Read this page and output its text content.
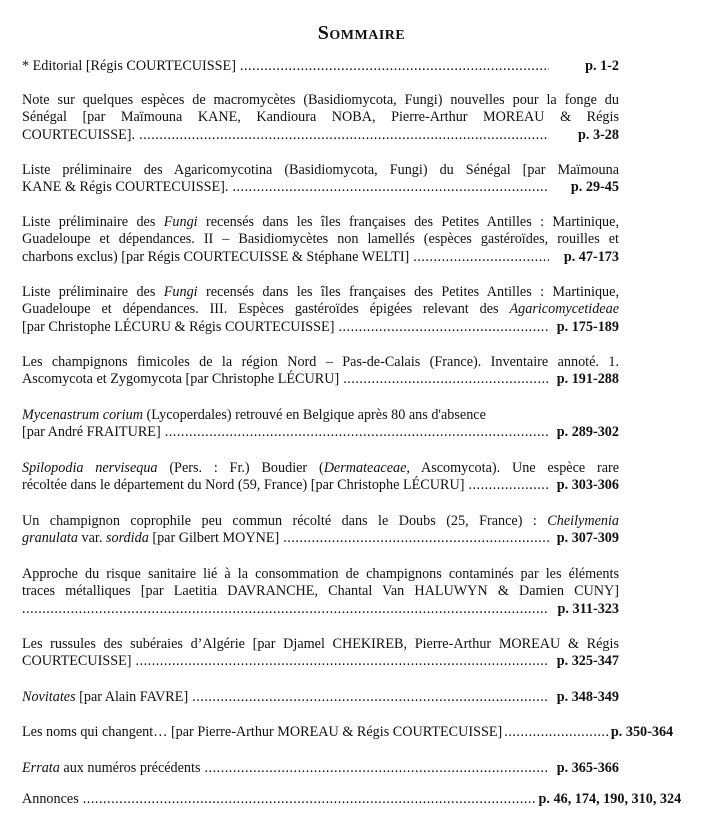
Sommaire
* Editorial [Régis COURTECUISSE] .....	p. 1-2
Note sur quelques espèces de macromycètes (Basidiomycota, Fungi) nouvelles pour la fonge du
Sénégal [par Maïmouna KANE, Kandioura NOBA, Pierre-Arthur MOREAU & Régis
COURTECUISSE]. .....	p. 3-28
Liste préliminaire des Agaricomycotina (Basidiomycota, Fungi) du Sénégal [par Maïmouna
KANE & Régis COURTECUISSE]. .....	p. 29-45
Liste préliminaire des Fungi recensés dans les îles françaises des Petites Antilles : Martinique,
Guadeloupe et dépendances. II – Basidiomycètes non lamellés (espèces gastéroïdes, rouilles et
charbons exclus) [par Régis COURTECUISSE & Stéphane WELTI] .....	p. 47-173
Liste préliminaire des Fungi recensés dans les îles françaises des Petites Antilles : Martinique,
Guadeloupe et dépendances. III. Espèces gastéroïdes épigées relevant des Agaricomycetideae
[par Christophe LÉCURU & Régis COURTECUISSE] .....	p. 175-189
Les champignons fimicoles de la région Nord – Pas-de-Calais (France). Inventaire annoté. 1.
Ascomycota et Zygomycota [par Christophe LÉCURU] .....	p. 191-288
Mycenastrum corium (Lycoperdales) retrouvé en Belgique après 80 ans d'absence
[par André FRAITURE] .....	p. 289-302
Spilopodia nervisequa (Pers. : Fr.) Boudier (Dermateaceae, Ascomycota). Une espèce rare
récoltée dans le département du Nord (59, France) [par Christophe LÉCURU] .....	p. 303-306
Un champignon coprophile peu commun récolté dans le Doubs (25, France) : Cheilymenia
granulata var. sordida [par Gilbert MOYNE] .....	p. 307-309
Approche du risque sanitaire lié à la consommation de champignons contaminés par les éléments
traces métalliques [par Laetitia DAVRANCHE, Chantal Van HALUWYN & Damien CUNY]
.....
p. 311-323
Les russules des subéraies d’Algérie [par Djamel CHEKIREB, Pierre-Arthur MOREAU & Régis
COURTECUISSE] .....	p. 325-347
Novitates [par Alain FAVRE] .....	p. 348-349
Les noms qui changent… [par Pierre-Arthur MOREAU & Régis COURTECUISSE] .....	p. 350-364
Errata aux numéros précédents .....	p. 365-366
Annonces .....	p. 46, 174, 190, 310, 324
